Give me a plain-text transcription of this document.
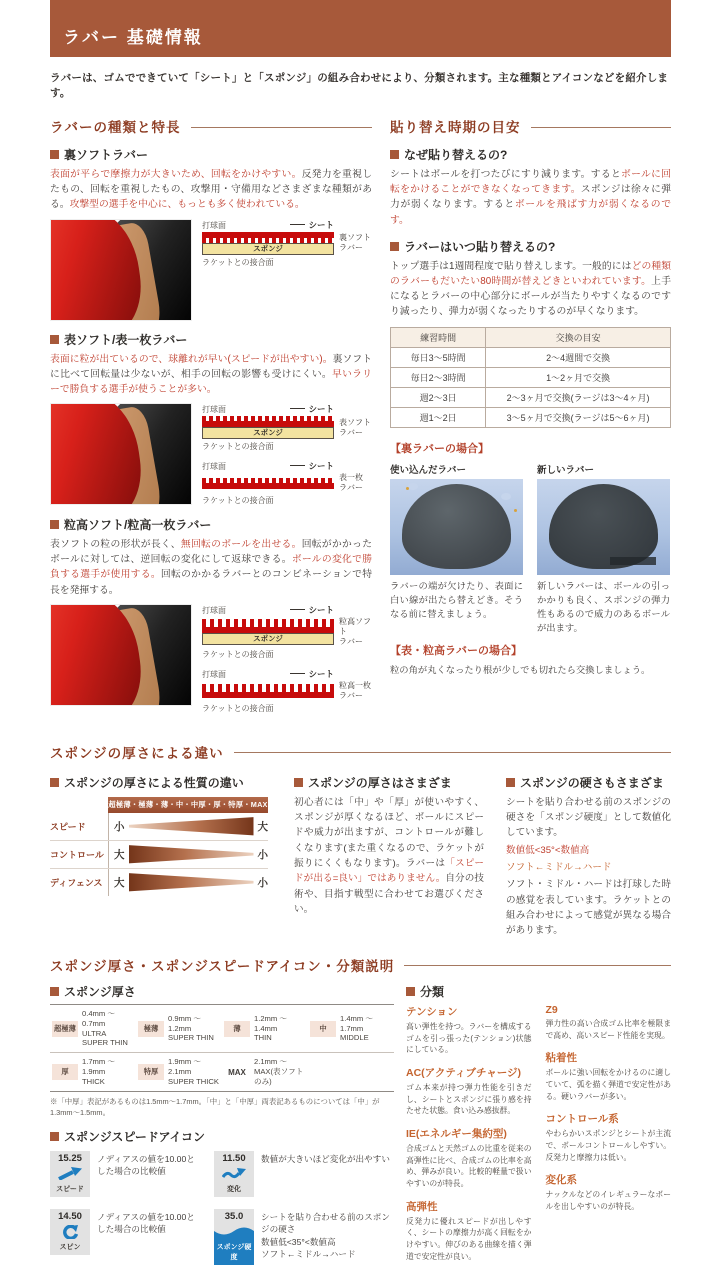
ラバー 基礎情報

ラバーは、ゴムでできていて「シート」と「スポンジ」の組み合わせにより、分類されます。主な種類とアイコンなどを紹介します。

ラバーの種類と特長
裏ソフトラバー

表面が平らで摩擦力が大きいため、回転をかけやすい。反発力を重視したもの、回転を重視したもの、攻撃用・守備用などさまざまな種類がある。攻撃型の選手を中心に、もっとも多く使われている。

打球面	シート
スポンジ
裏ソフト
ラバー
ラケットとの接合面
表ソフト/表一枚ラバー

表面に粒が出ているので、球離れが早い(スピードが出やすい)。裏ソフトに比べて回転量は少ないが、相手の回転の影響も受けにくい。早いラリーで勝負する選手が使うことが多い。

打球面	シート
スポンジ
表ソフト
ラバー
ラケットとの接合面
打球面	シート
表一枚
ラバー
ラケットとの接合面
粒高ソフト/粒高一枚ラバー

表ソフトの粒の形状が長く、無回転のボールを出せる。回転がかかったボールに対しては、逆回転の変化にして返球できる。ボールの変化で勝負する選手が使用する。回転のかかるラバーとのコンビネーションで特長を発揮する。

打球面	シート
スポンジ
粒高ソフト
ラバー
ラケットとの接合面
打球面	シート
粒高一枚
ラバー
ラケットとの接合面
貼り替え時期の目安
なぜ貼り替えるの?

シートはボールを打つたびにすり減ります。するとボールに回転をかけることができなくなってきます。スポンジは徐々に弾力が弱くなります。するとボールを飛ばす力が弱くなるのです。

ラバーはいつ貼り替えるの?

トップ選手は1週間程度で貼り替えします。一般的にはどの種類のラバーもだいたい80時間が替えどきといわれています。上手になるとラバーの中心部分にボールが当たりやすくなるのですり減ったり、弾力が弱くなったりするのが早くなります。

練習時間	交換の目安
毎日3〜5時間	2〜4週間で交換
毎日2〜3時間	1〜2ヶ月で交換
週2〜3日	2〜3ヶ月で交換(ラージは3〜4ヶ月)
週1〜2日	3〜5ヶ月で交換(ラージは5〜6ヶ月)
【裏ラバーの場合】
使い込んだラバー
ラバーの端が欠けたり、表面に白い線が出たら替えどき。そうなる前に替えましょう。
新しいラバー
新しいラバーは、ボールの引っかかりも良く、スポンジの弾力性もあるので威力のあるボールが出ます。
【表・粒高ラバーの場合】
粒の角が丸くなったり根が少しでも切れたら交換しましょう。
スポンジの厚さによる違い
スポンジの厚さによる性質の違い
超極薄・極薄・薄・中・中厚・厚・特厚・MAX
スピード	小	大
コントロール 大	小
ディフェンス	大	小
スポンジの厚さはさまざま

初心者には「中」や「厚」が使いやすく、スポンジが厚くなるほど、ボールにスピードや威力が出ますが、コントロールが難しくなります(また重くなるので、ラケットが振りにくくもなります)。ラバーは「スピードが出る=良い」ではありません。自分の技術や、目指す戦型に合わせてお選びください。

スポンジの硬さもさまざま
シートを貼り合わせる前のスポンジの硬さを「スポンジ硬度」として数値化しています。
数値低<35°<数値高
ソフト←ミドル→ハード
ソフト・ミドル・ハードは打球した時の感覚を表しています。ラケットとの組み合わせによって感覚が異なる場合があります。
スポンジ厚さ・スポンジスピードアイコン・分類説明
スポンジ厚さ
超極薄
0.4mm 〜 0.7mm
ULTRA SUPER THIN
極薄
0.9mm 〜 1.2mm
SUPER THIN
薄
1.2mm 〜 1.4mm
THIN
中
1.4mm 〜 1.7mm
MIDDLE
厚
1.7mm 〜 1.9mm
THICK
特厚
1.9mm 〜 2.1mm
SUPER THICK
MAX
2.1mm 〜
MAX(表ソフトのみ)
※「中厚」表記があるものは1.5mm〜1.7mm。「中」と「中厚」両表記あるものについては「中」が1.3mm〜1.5mm。
スポンジスピードアイコン
15.25
スピード
ノディアスの値を10.00とした場合の比較値
11.50
変化
数値が大きいほど変化が出やすい
14.50
スピン
ノディアスの値を10.00とした場合の比較値
35.0
スポンジ硬度
シートを貼り合わせる前のスポンジの硬さ
数値低<35°<数値高
ソフト←ミドル→ハード
分類
テンション
高い弾性を持つ。ラバーを構成するゴムを引っ張った(テンション)状態にしている。
AC(アクティブチャージ)
ゴム本来が持つ弾力性能を引きだし、シートとスポンジに張り感を持たせた状態。食い込み感抜群。
IE(エネルギー集約型)
合成ゴムと天然ゴムの比重を従来の高弾性に比べ、合成ゴムの比率を高め、弾みが良い。比較的軽量で扱いやすいのが特長。
高弾性
反発力に優れスピードが出しやすく、シートの摩擦力が高く回転をかけやすい。伸びのある曲線を描く弾道で安定性が良い。
Z9
弾力性の高い合成ゴム比率を極限まで高め、高いスピード性能を実現。
粘着性
ボールに強い回転をかけるのに適していて、弧を描く弾道で安定性がある。硬いラバーが多い。
コントロール系
やわらかいスポンジとシートが主流で、ボールコントロールしやすい。反発力と摩擦力は低い。
変化系
ナックルなどのイレギュラーなボールを出しやすいのが特長。
